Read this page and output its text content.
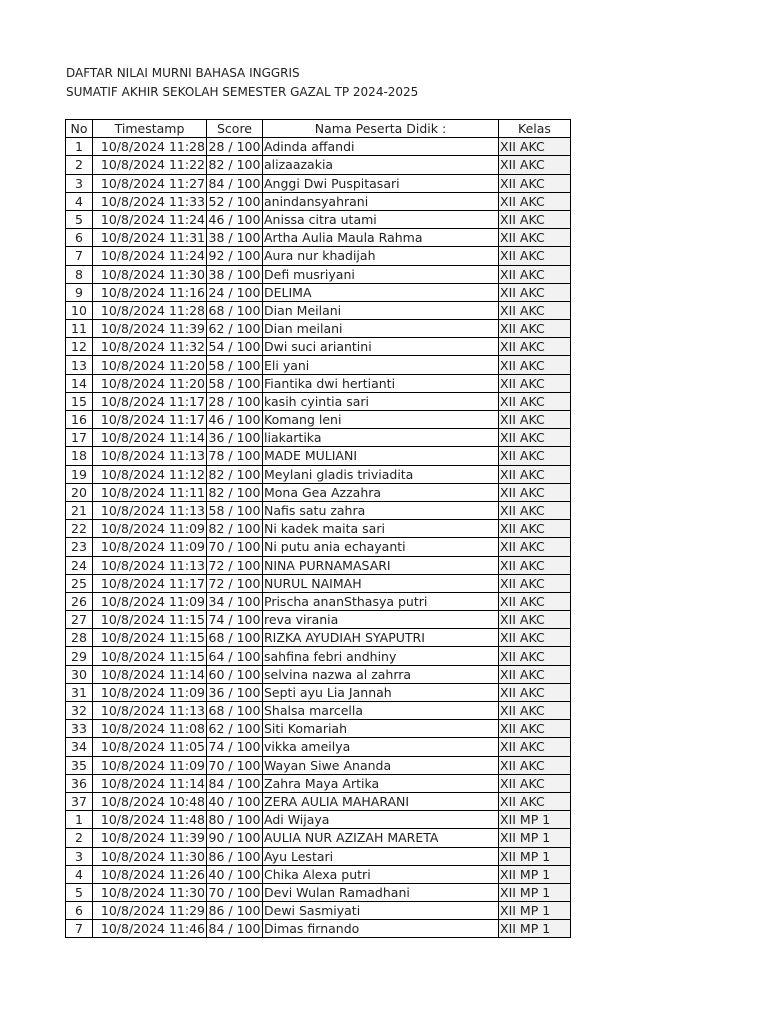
DAFTAR NILAI MURNI BAHASA INGGRIS
SUMATIF AKHIR SEKOLAH SEMESTER GAZAL TP 2024-2025
No	Timestamp	Score	Nama Peserta Didik :	Kelas
1	10/8/2024 11:28	28 / 100	Adinda affandi	XII AKC
2	10/8/2024 11:22	82 / 100	alizaazakia	XII AKC
3	10/8/2024 11:27	84 / 100	Anggi Dwi Puspitasari	XII AKC
4	10/8/2024 11:33	52 / 100	anindansyahrani	XII AKC
5	10/8/2024 11:24	46 / 100	Anissa citra utami	XII AKC
6	10/8/2024 11:31	38 / 100	Artha Aulia Maula Rahma	XII AKC
7	10/8/2024 11:24	92 / 100	Aura nur khadijah	XII AKC
8	10/8/2024 11:30	38 / 100	Defi musriyani	XII AKC
9	10/8/2024 11:16	24 / 100	DELIMA	XII AKC
10	10/8/2024 11:28	68 / 100	Dian Meilani	XII AKC
11	10/8/2024 11:39	62 / 100	Dian meilani	XII AKC
12	10/8/2024 11:32	54 / 100	Dwi suci ariantini	XII AKC
13	10/8/2024 11:20	58 / 100	Eli yani	XII AKC
14	10/8/2024 11:20	58 / 100	Fiantika dwi hertianti	XII AKC
15	10/8/2024 11:17	28 / 100	kasih cyintia sari	XII AKC
16	10/8/2024 11:17	46 / 100	Komang leni	XII AKC
17	10/8/2024 11:14	36 / 100	liakartika	XII AKC
18	10/8/2024 11:13	78 / 100	MADE MULIANI	XII AKC
19	10/8/2024 11:12	82 / 100	Meylani gladis triviadita	XII AKC
20	10/8/2024 11:11	82 / 100	Mona Gea Azzahra	XII AKC
21	10/8/2024 11:13	58 / 100	Nafis satu zahra	XII AKC
22	10/8/2024 11:09	82 / 100	Ni kadek maita sari	XII AKC
23	10/8/2024 11:09	70 / 100	Ni putu ania echayanti	XII AKC
24	10/8/2024 11:13	72 / 100	NINA PURNAMASARI	XII AKC
25	10/8/2024 11:17	72 / 100	NURUL NAIMAH	XII AKC
26	10/8/2024 11:09	34 / 100	Prischa ananSthasya putri	XII AKC
27	10/8/2024 11:15	74 / 100	reva virania	XII AKC
28	10/8/2024 11:15	68 / 100	RIZKA AYUDIAH SYAPUTRI	XII AKC
29	10/8/2024 11:15	64 / 100	sahfina febri andhiny	XII AKC
30	10/8/2024 11:14	60 / 100	selvina nazwa al zahrra	XII AKC
31	10/8/2024 11:09	36 / 100	Septi ayu Lia Jannah	XII AKC
32	10/8/2024 11:13	68 / 100	Shalsa marcella	XII AKC
33	10/8/2024 11:08	62 / 100	Siti Komariah	XII AKC
34	10/8/2024 11:05	74 / 100	vikka ameilya	XII AKC
35	10/8/2024 11:09	70 / 100	Wayan Siwe Ananda	XII AKC
36	10/8/2024 11:14	84 / 100	Zahra Maya Artika	XII AKC
37	10/8/2024 10:48	40 / 100	ZERA AULIA MAHARANI	XII AKC
1	10/8/2024 11:48	80 / 100	Adi Wijaya	XII MP 1
2	10/8/2024 11:39	90 / 100	AULIA NUR AZIZAH MARETA	XII MP 1
3	10/8/2024 11:30	86 / 100	Ayu Lestari	XII MP 1
4	10/8/2024 11:26	40 / 100	Chika Alexa putri	XII MP 1
5	10/8/2024 11:30	70 / 100	Devi Wulan Ramadhani	XII MP 1
6	10/8/2024 11:29	86 / 100	Dewi Sasmiyati	XII MP 1
7	10/8/2024 11:46	84 / 100	Dimas firnando	XII MP 1
